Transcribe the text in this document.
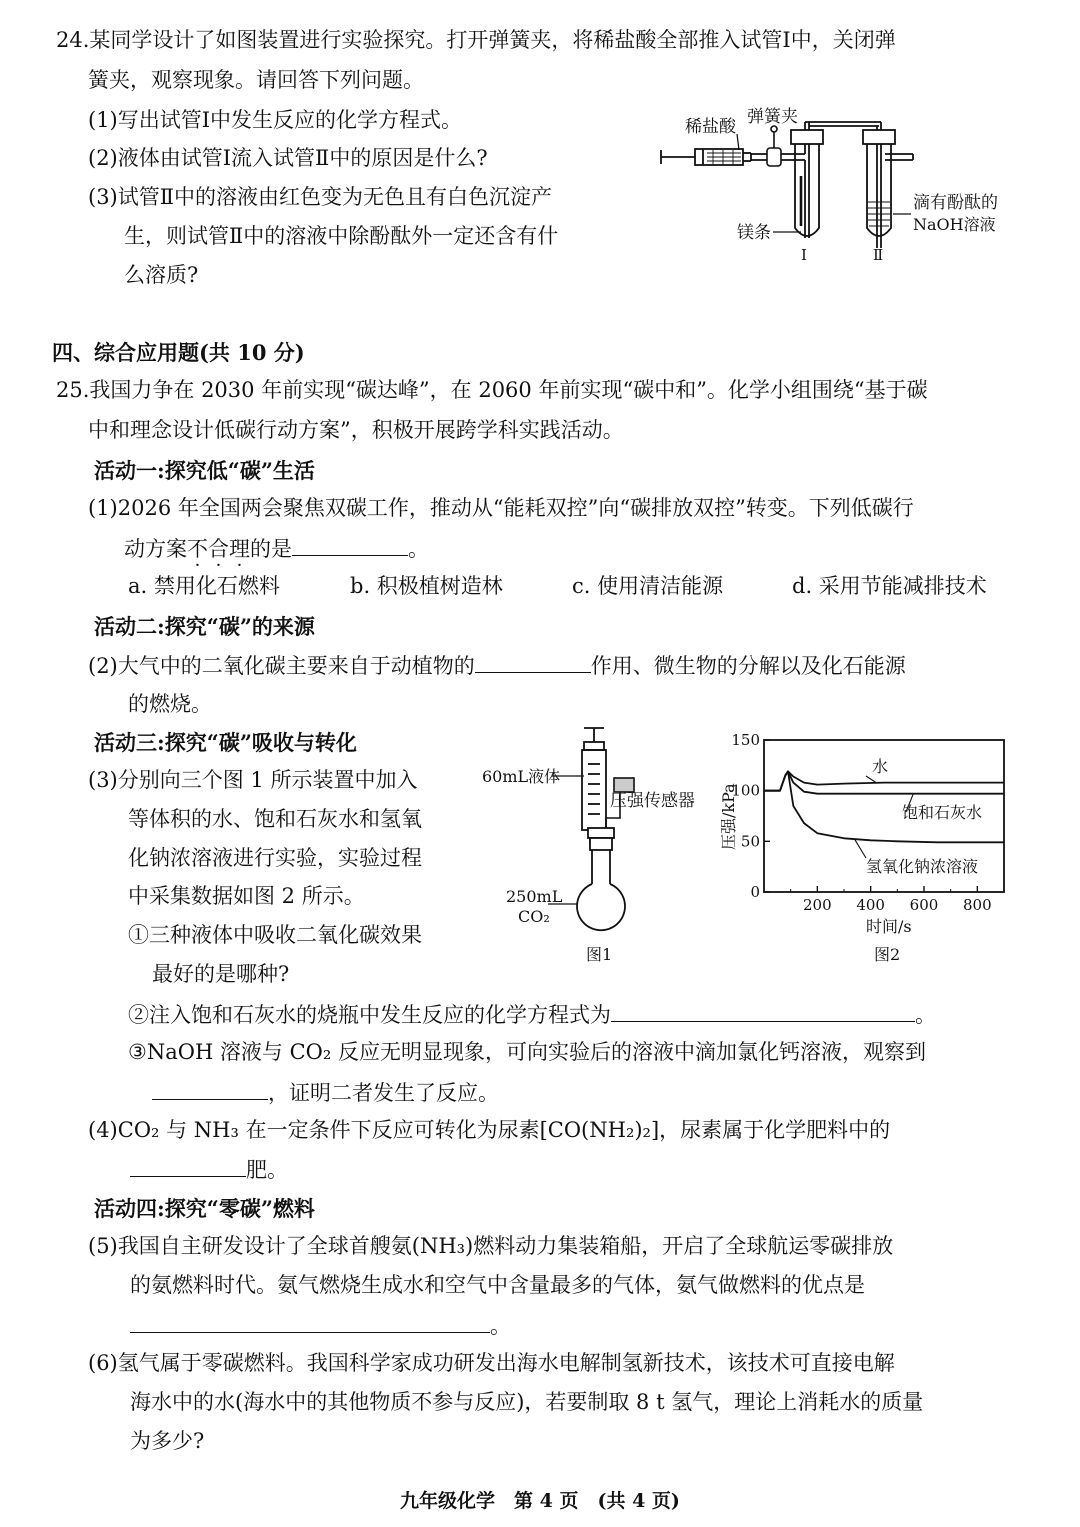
24.某同学设计了如图装置进行实验探究。打开弹簧夹，将稀盐酸全部推入试管Ⅰ中，关闭弹
簧夹，观察现象。请回答下列问题。
(1)写出试管Ⅰ中发生反应的化学方程式。
(2)液体由试管Ⅰ流入试管Ⅱ中的原因是什么?
(3)试管Ⅱ中的溶液由红色变为无色且有白色沉淀产
生，则试管Ⅱ中的溶液中除酚酞外一定还含有什
么溶质?
稀盐酸 弹簧夹
镁条
Ⅰ	Ⅱ
滴有酚酞的
NaOH溶液
四、综合应用题(共 10 分)
25.我国力争在 2030 年前实现“碳达峰”，在 2060 年前实现“碳中和”。化学小组围绕“基于碳
中和理念设计低碳行动方案”，积极开展跨学科实践活动。
活动一:探究低“碳”生活
(1)2026 年全国两会聚焦双碳工作，推动从“能耗双控”向“碳排放双控”转变。下列低碳行
动方案不合理的是	。
a. 禁用化石燃料	b. 积极植树造林	c. 使用清洁能源	d. 采用节能减排技术
活动二:探究“碳”的来源
(2)大气中的二氧化碳主要来自于动植物的	作用、微生物的分解以及化石能源
的燃烧。
活动三:探究“碳”吸收与转化
(3)分别向三个图 1 所示装置中加入
等体积的水、饱和石灰水和氢氧
化钠浓溶液进行实验，实验过程
中采集数据如图 2 所示。
①三种液体中吸收二氧化碳效果
最好的是哪种?
60mL液体
压强传感器
250mL
CO₂
图1
0
50
100
150
200 400 600 800
水
饱和石灰水
氢氧化钠浓溶液
压强/kPa
时间/s
图2
②注入饱和石灰水的烧瓶中发生反应的化学方程式为	。
③NaOH 溶液与 CO₂ 反应无明显现象，可向实验后的溶液中滴加氯化钙溶液，观察到
，证明二者发生了反应。
(4)CO₂ 与 NH₃ 在一定条件下反应可转化为尿素[CO(NH₂)₂]，尿素属于化学肥料中的
肥。
活动四:探究“零碳”燃料
(5)我国自主研发设计了全球首艘氨(NH₃)燃料动力集装箱船，开启了全球航运零碳排放
的氨燃料时代。氨气燃烧生成水和空气中含量最多的气体，氨气做燃料的优点是
。
(6)氢气属于零碳燃料。我国科学家成功研发出海水电解制氢新技术，该技术可直接电解
海水中的水(海水中的其他物质不参与反应)，若要制取 8 t 氢气，理论上消耗水的质量
为多少?
九年级化学　第 4 页　(共 4 页)
